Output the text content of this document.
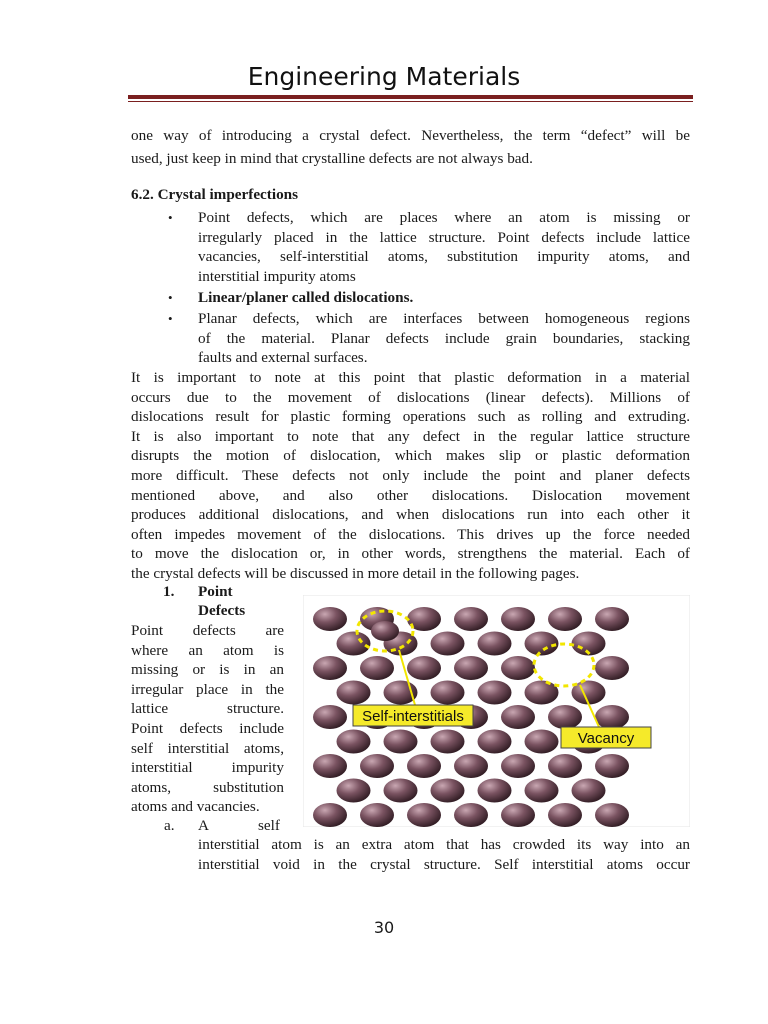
Engineering Materials
one way of introducing a crystal defect. Nevertheless, the term “defect” will be
used, just keep in mind that crystalline defects are not always bad.
6.2. Crystal imperfections
• Point defects, which are places where an atom is missing or
irregularly placed in the lattice structure. Point defects include lattice
vacancies, self-interstitial atoms, substitution impurity atoms, and
interstitial impurity atoms
• Linear/planer called dislocations.
• Planar defects, which are interfaces between homogeneous regions
of the material. Planar defects include grain boundaries, stacking
faults and external surfaces.
It is important to note at this point that plastic deformation in a material
occurs due to the movement of dislocations (linear defects). Millions of
dislocations result for plastic forming operations such as rolling and extruding.
It is also important to note that any defect in the regular lattice structure
disrupts the motion of dislocation, which makes slip or plastic deformation
more difficult. These defects not only include the point and planer defects
mentioned above, and also other dislocations. Dislocation movement
produces additional dislocations, and when dislocations run into each other it
often impedes movement of the dislocations. This drives up the force needed
to move the dislocation or, in other words, strengthens the material. Each of
the crystal defects will be discussed in more detail in the following pages.
1. Point
Defects
Point defects are
where an atom is
missing or is in an
irregular place in the
lattice structure.
Point defects include
self interstitial atoms,
interstitial impurity
atoms, substitution
atoms and vacancies.
a. A	self
interstitial atom is an extra atom that has crowded its way into an
interstitial void in the crystal structure. Self interstitial atoms occur
Self-interstitials
Vacancy
30
